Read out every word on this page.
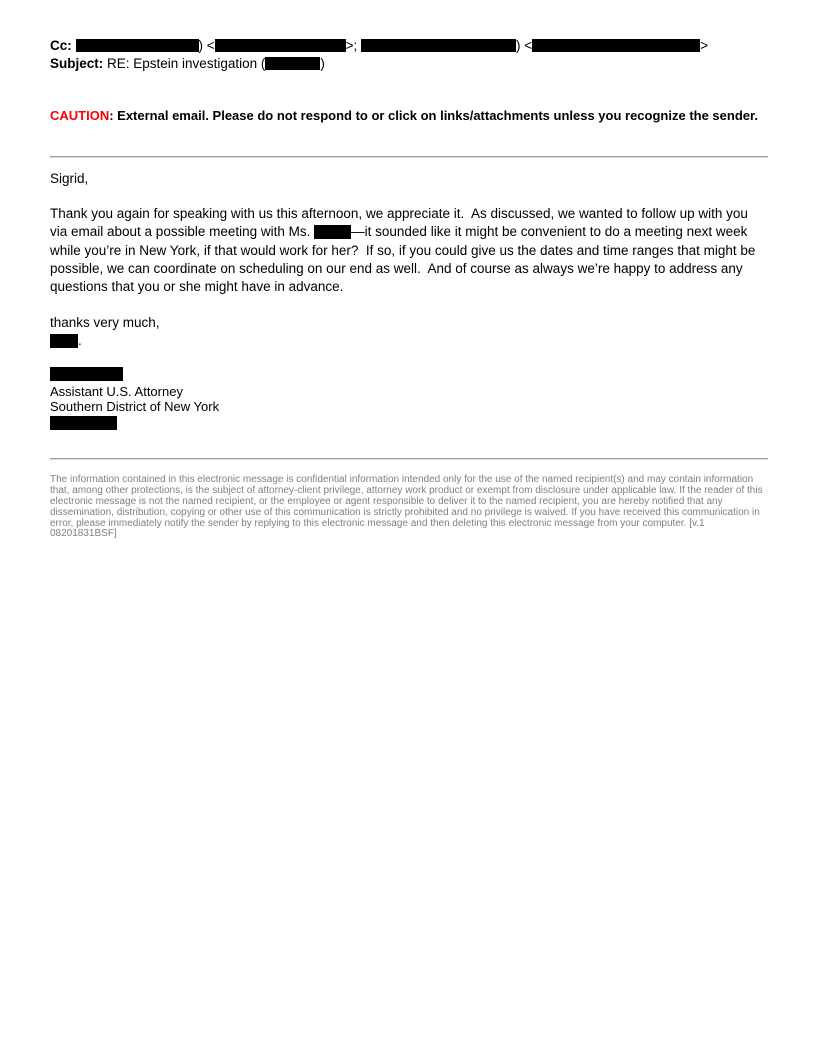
Cc:	) <	>;	) <	>
Subject: RE: Epstein investigation (	)
CAUTION: External email. Please do not respond to or click on links/attachments unless you recognize the sender.
Sigrid,
Thank you again for speaking with us this afternoon, we appreciate it.  As discussed, we wanted to follow up with you via email about a possible meeting with Ms.	—it sounded like it might be convenient to do a meeting next week while you’re in New York, if that would work for her?  If so, if you could give us the dates and time ranges that might be possible, we can coordinate on scheduling on our end as well.  And of course as always we’re happy to address any questions that you or she might have in advance.
thanks very much,
.
Assistant U.S. Attorney
Southern District of New York
The information contained in this electronic message is confidential information intended only for the use of the named recipient(s) and may contain information that, among other protections, is the subject of attorney-client privilege, attorney work product or exempt from disclosure under applicable law. If the reader of this electronic message is not the named recipient, or the employee or agent responsible to deliver it to the named recipient, you are hereby notified that any dissemination, distribution, copying or other use of this communication is strictly prohibited and no privilege is waived. If you have received this communication in error, please immediately notify the sender by replying to this electronic message and then deleting this electronic message from your computer. [v.1 08201831BSF]
